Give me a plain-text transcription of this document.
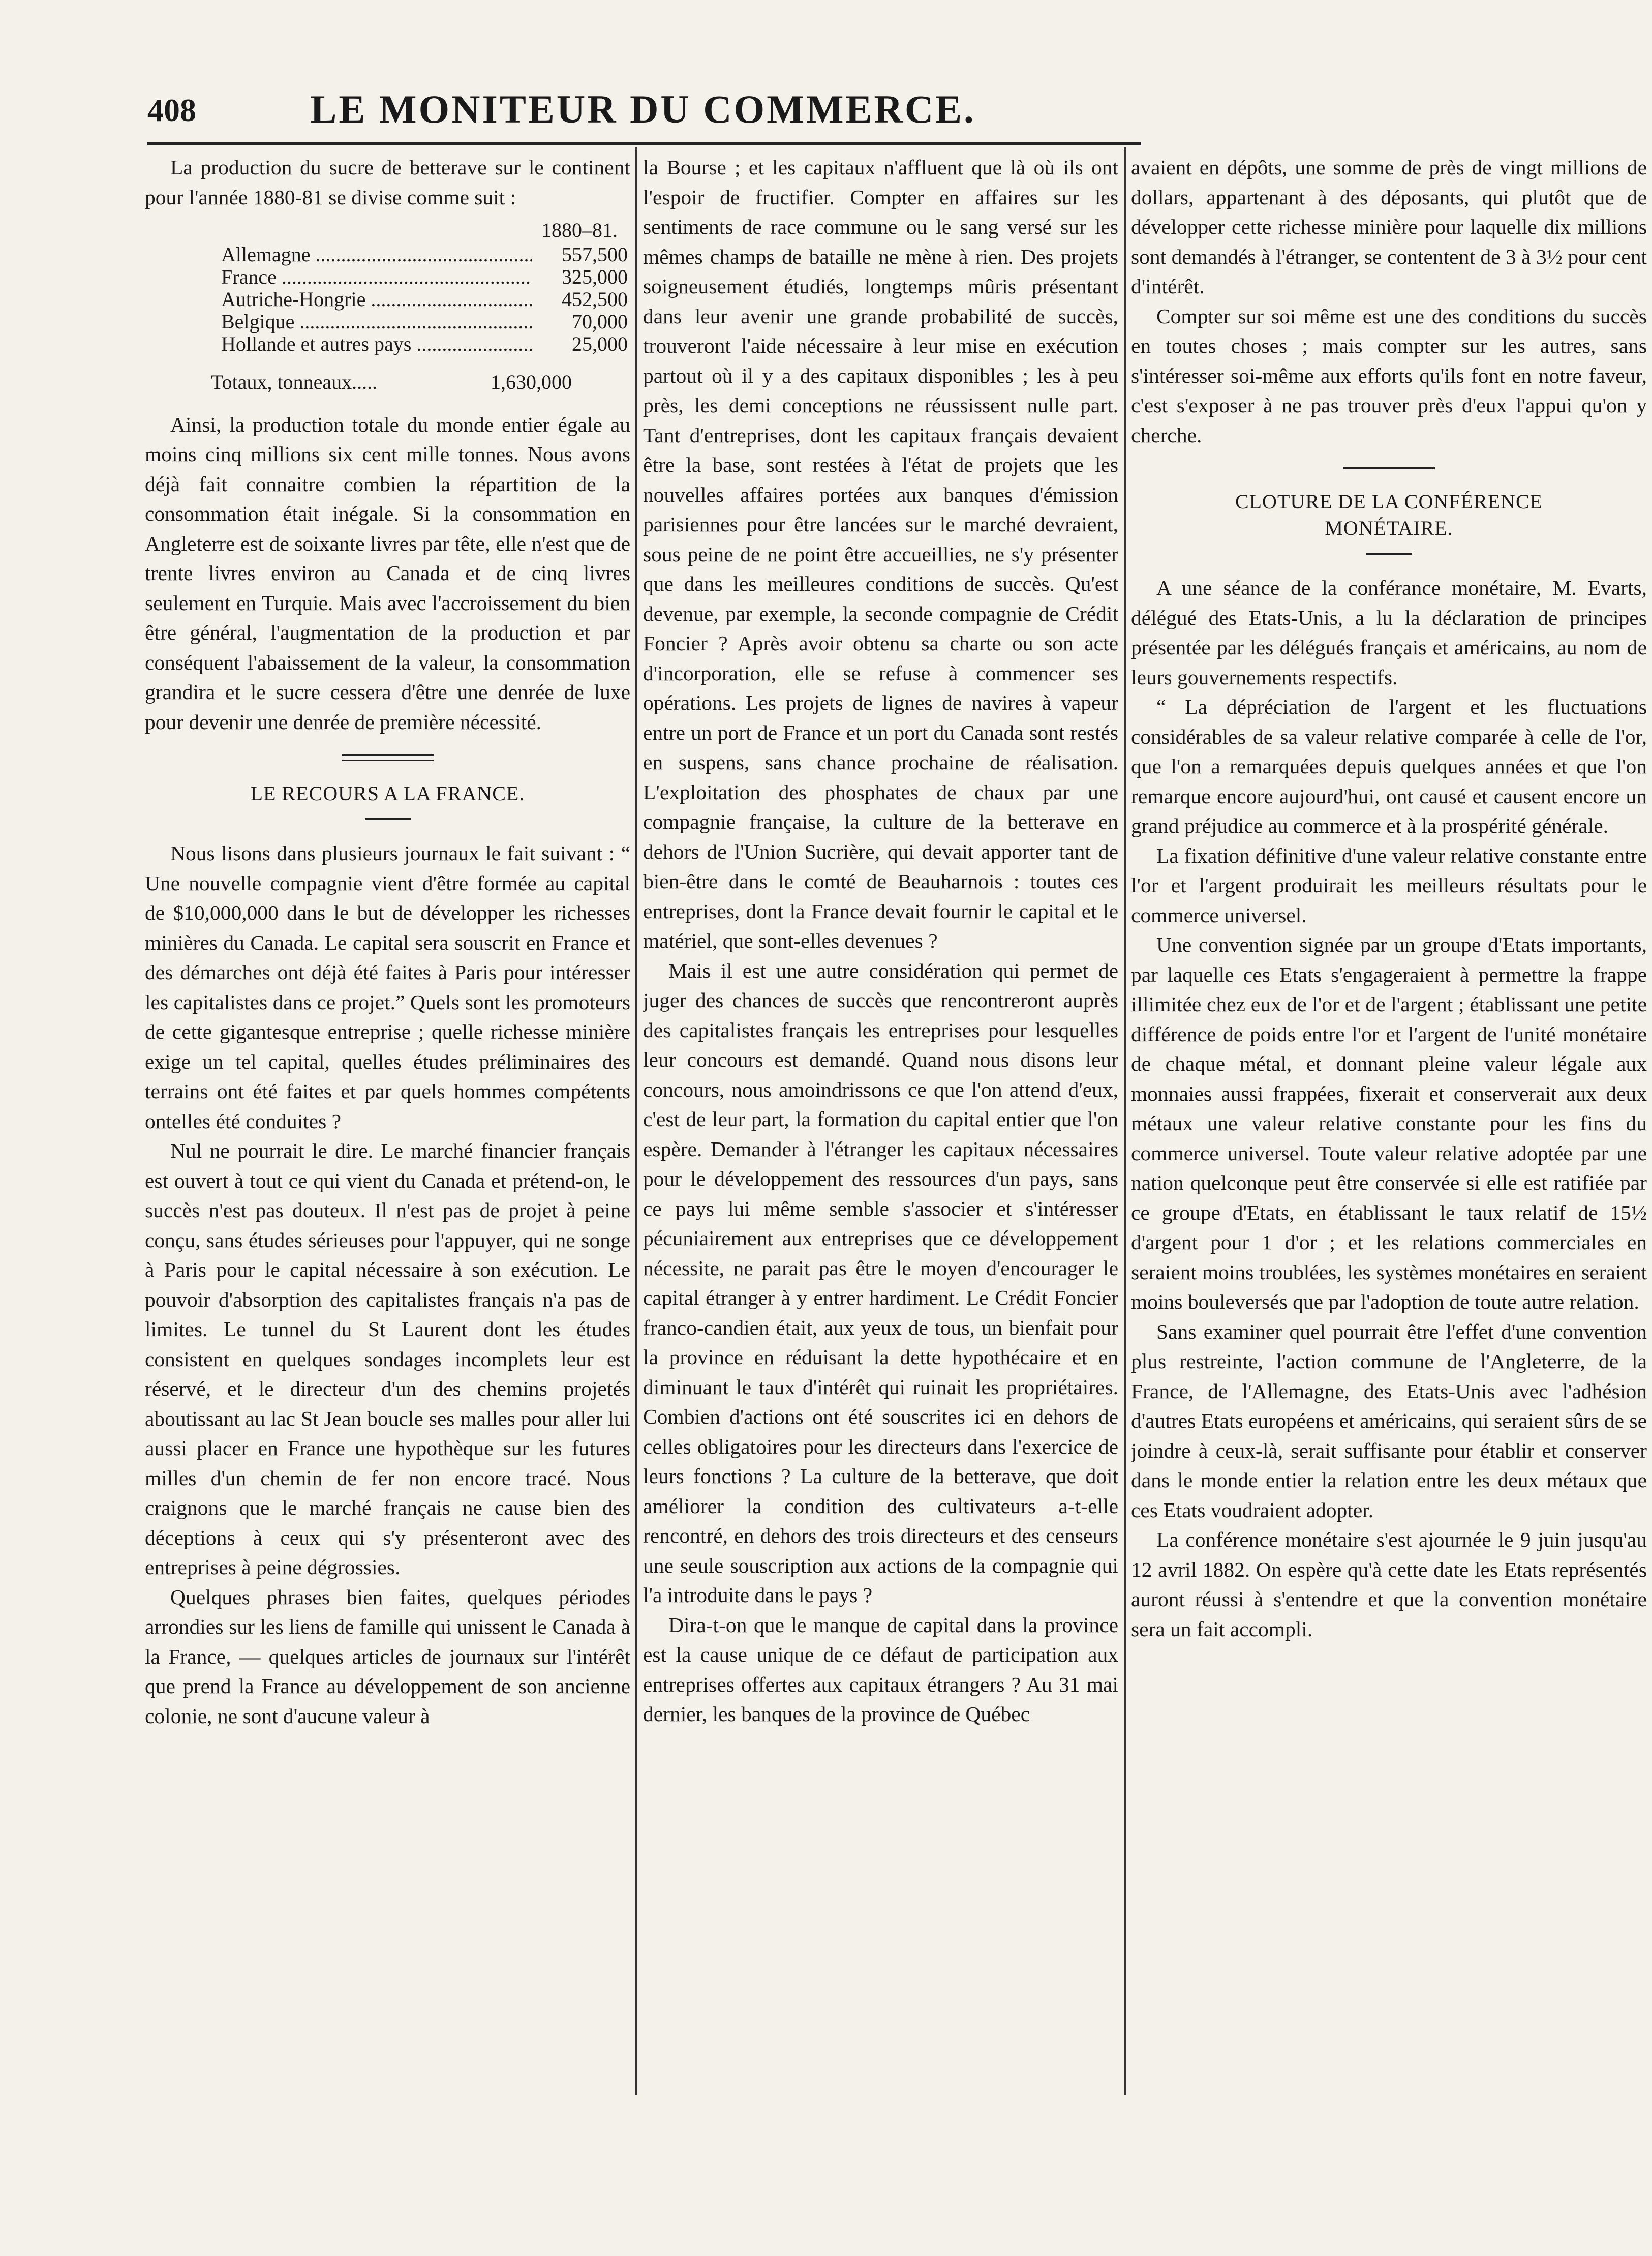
408	LE MONITEUR DU COMMERCE.

La production du sucre de betterave sur le continent pour l'année 1880-81 se divise comme suit :

1880–81.
Allemagne .....	557,500
France .....	325,000
Autriche-Hongrie .....	452,500
Belgique .....	70,000
Hollande et autres pays .....	25,000
Totaux, tonneaux.....	1,630,000

Ainsi, la production totale du monde entier égale au moins cinq millions six cent mille tonnes. Nous avons déjà fait connaitre combien la répartition de la consommation était inégale. Si la consommation en Angleterre est de soixante livres par tête, elle n'est que de trente livres environ au Canada et de cinq livres seulement en Turquie. Mais avec l'accroissement du bien être général, l'augmentation de la production et par conséquent l'abaissement de la valeur, la consommation grandira et le sucre cessera d'être une denrée de luxe pour devenir une denrée de première nécessité.

LE RECOURS A LA FRANCE.

Nous lisons dans plusieurs journaux le fait suivant : “ Une nouvelle compagnie vient d'être formée au capital de $10,000,000 dans le but de développer les richesses minières du Canada. Le capital sera souscrit en France et des démarches ont déjà été faites à Paris pour intéresser les capitalistes dans ce projet.” Quels sont les promoteurs de cette gigantesque entreprise ; quelle richesse minière exige un tel capital, quelles études préliminaires des terrains ont été faites et par quels hommes compétents ontelles été conduites ?

Nul ne pourrait le dire. Le marché financier français est ouvert à tout ce qui vient du Canada et prétend-on, le succès n'est pas douteux. Il n'est pas de projet à peine conçu, sans études sérieuses pour l'appuyer, qui ne songe à Paris pour le capital nécessaire à son exécution. Le pouvoir d'absorption des capitalistes français n'a pas de limites. Le tunnel du St Laurent dont les études consistent en quelques sondages incomplets leur est réservé, et le directeur d'un des chemins projetés aboutissant au lac St Jean boucle ses malles pour aller lui aussi placer en France une hypothèque sur les futures milles d'un chemin de fer non encore tracé. Nous craignons que le marché français ne cause bien des déceptions à ceux qui s'y présenteront avec des entreprises à peine dégrossies.

Quelques phrases bien faites, quelques périodes arrondies sur les liens de famille qui unissent le Canada à la France, — quelques articles de journaux sur l'intérêt que prend la France au développement de son ancienne colonie, ne sont d'aucune valeur à

la Bourse ; et les capitaux n'affluent que là où ils ont l'espoir de fructifier. Compter en affaires sur les sentiments de race commune ou le sang versé sur les mêmes champs de bataille ne mène à rien. Des projets soigneusement étudiés, longtemps mûris présentant dans leur avenir une grande probabilité de succès, trouveront l'aide nécessaire à leur mise en exécution partout où il y a des capitaux disponibles ; les à peu près, les demi conceptions ne réussissent nulle part. Tant d'entreprises, dont les capitaux français devaient être la base, sont restées à l'état de projets que les nouvelles affaires portées aux banques d'émission parisiennes pour être lancées sur le marché devraient, sous peine de ne point être accueillies, ne s'y présenter que dans les meilleures conditions de succès. Qu'est devenue, par exemple, la seconde compagnie de Crédit Foncier ? Après avoir obtenu sa charte ou son acte d'incorporation, elle se refuse à commencer ses opérations. Les projets de lignes de navires à vapeur entre un port de France et un port du Canada sont restés en suspens, sans chance prochaine de réalisation. L'exploitation des phosphates de chaux par une compagnie française, la culture de la betterave en dehors de l'Union Sucrière, qui devait apporter tant de bien-être dans le comté de Beauharnois : toutes ces entreprises, dont la France devait fournir le capital et le matériel, que sont-elles devenues ?

Mais il est une autre considération qui permet de juger des chances de succès que rencontreront auprès des capitalistes français les entreprises pour lesquelles leur concours est demandé. Quand nous disons leur concours, nous amoindrissons ce que l'on attend d'eux, c'est de leur part, la formation du capital entier que l'on espère. Demander à l'étranger les capitaux nécessaires pour le développement des ressources d'un pays, sans ce pays lui même semble s'associer et s'intéresser pécuniairement aux entreprises que ce développement nécessite, ne parait pas être le moyen d'encourager le capital étranger à y entrer hardiment. Le Crédit Foncier franco-candien était, aux yeux de tous, un bienfait pour la province en réduisant la dette hypothécaire et en diminuant le taux d'intérêt qui ruinait les propriétaires. Combien d'actions ont été souscrites ici en dehors de celles obligatoires pour les directeurs dans l'exercice de leurs fonctions ? La culture de la betterave, que doit améliorer la condition des cultivateurs a-t-elle rencontré, en dehors des trois directeurs et des censeurs une seule souscription aux actions de la compagnie qui l'a introduite dans le pays ?

Dira-t-on que le manque de capital dans la province est la cause unique de ce défaut de participation aux entreprises offertes aux capitaux étrangers ? Au 31 mai dernier, les banques de la province de Québec

avaient en dépôts, une somme de près de vingt millions de dollars, appartenant à des déposants, qui plutôt que de développer cette richesse minière pour laquelle dix millions sont demandés à l'étranger, se contentent de 3 à 3½ pour cent d'intérêt.

Compter sur soi même est une des conditions du succès en toutes choses ; mais compter sur les autres, sans s'intéresser soi-même aux efforts qu'ils font en notre faveur, c'est s'exposer à ne pas trouver près d'eux l'appui qu'on y cherche.

CLOTURE DE LA CONFÉRENCE
MONÉTAIRE.

A une séance de la conférance monétaire, M. Evarts, délégué des Etats-Unis, a lu la déclaration de principes présentée par les délégués français et américains, au nom de leurs gouvernements respectifs.

“ La dépréciation de l'argent et les fluctuations considérables de sa valeur relative comparée à celle de l'or, que l'on a remarquées depuis quelques années et que l'on remarque encore aujourd'hui, ont causé et causent encore un grand préjudice au commerce et à la prospérité générale.

La fixation définitive d'une valeur relative constante entre l'or et l'argent produirait les meilleurs résultats pour le commerce universel.

Une convention signée par un groupe d'Etats importants, par laquelle ces Etats s'engageraient à permettre la frappe illimitée chez eux de l'or et de l'argent ; établissant une petite différence de poids entre l'or et l'argent de l'unité monétaire de chaque métal, et donnant pleine valeur légale aux monnaies aussi frappées, fixerait et conserverait aux deux métaux une valeur relative constante pour les fins du commerce universel. Toute valeur relative adoptée par une nation quelconque peut être conservée si elle est ratifiée par ce groupe d'Etats, en établissant le taux relatif de 15½ d'argent pour 1 d'or ; et les relations commerciales en seraient moins troublées, les systèmes monétaires en seraient moins bouleversés que par l'adoption de toute autre relation.

Sans examiner quel pourrait être l'effet d'une convention plus restreinte, l'action commune de l'Angleterre, de la France, de l'Allemagne, des Etats-Unis avec l'adhésion d'autres Etats européens et américains, qui seraient sûrs de se joindre à ceux-là, serait suffisante pour établir et conserver dans le monde entier la relation entre les deux métaux que ces Etats voudraient adopter.

La conférence monétaire s'est ajournée le 9 juin jusqu'au 12 avril 1882. On espère qu'à cette date les Etats représentés auront réussi à s'entendre et que la convention monétaire sera un fait accompli.
